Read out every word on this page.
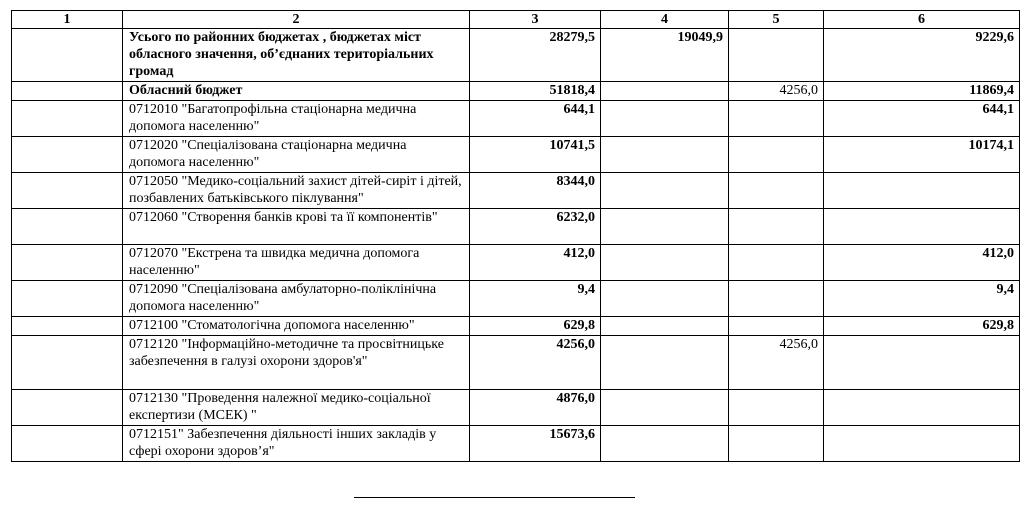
1	2	3	4	5	6
	Усього по районних бюджетах , бюджетах міст обласного значення, об’єднаних територіальних громад	28279,5	19049,9		9229,6
	Обласний бюджет	51818,4		4256,0	11869,4
	0712010 "Багатопрофільна стаціонарна медична допомога населенню"	644,1			644,1
	0712020 "Спеціалізована стаціонарна медична допомога населенню"	10741,5			10174,1
	0712050 "Медико-соціальний захист дітей-сиріт і дітей, позбавлених батьківського піклування"	8344,0			
	0712060 "Створення банків крові та її компонентів"	6232,0			
	0712070 "Екстрена та швидка медична допомога населенню"	412,0			412,0
	0712090 "Спеціалізована амбулаторно-поліклінічна допомога населенню"	9,4			9,4
	0712100 "Стоматологічна допомога населенню"	629,8			629,8
	0712120 "Інформаційно-методичне та просвітницьке забезпечення в галузі охорони здоров'я"	4256,0		4256,0	
	0712130 "Проведення належної медико-соціальної експертизи (МСЕК) "	4876,0			
	0712151" Забезпечення діяльності інших закладів у сфері охорони здоров’я"	15673,6			
